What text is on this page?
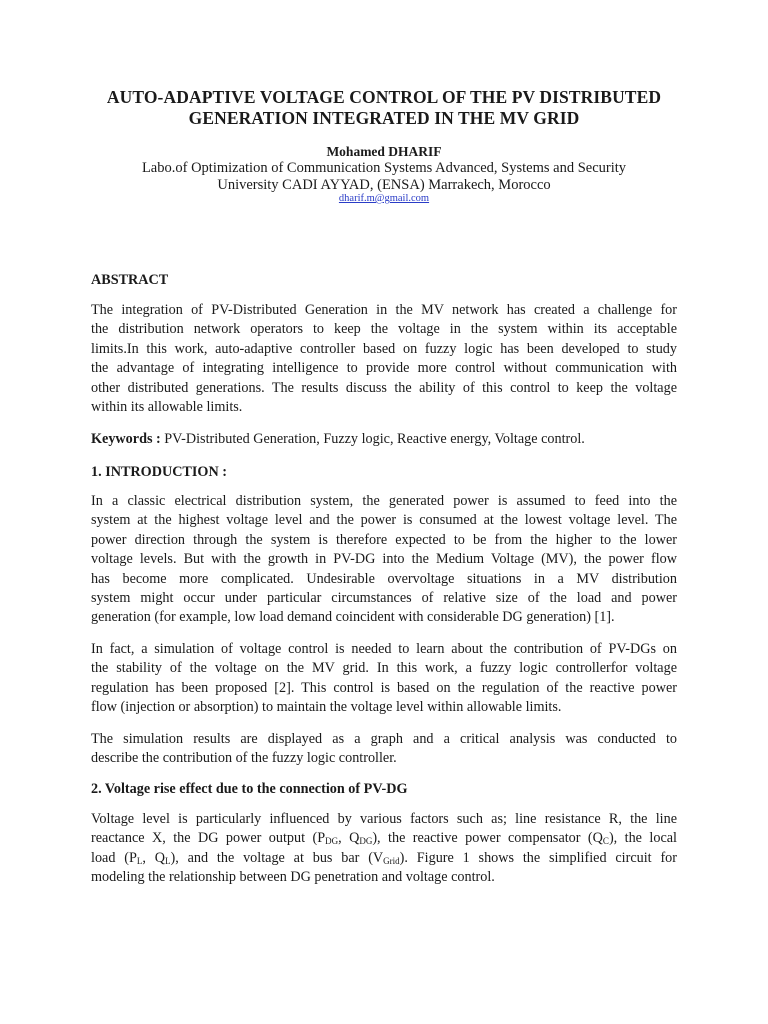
AUTO-ADAPTIVE VOLTAGE CONTROL OF THE PV DISTRIBUTED
GENERATION INTEGRATED IN THE MV GRID
Mohamed DHARIF
Labo.of Optimization of Communication Systems Advanced, Systems and Security
University CADI AYYAD, (ENSA) Marrakech, Morocco
dharif.m@gmail.com
ABSTRACT
The integration of PV-Distributed Generation in the MV network has created a challenge for
the distribution network operators to keep the voltage in the system within its acceptable
limits.In this work, auto-adaptive controller based on fuzzy logic has been developed to study
the advantage of integrating intelligence to provide more control without communication with
other distributed generations. The results discuss the ability of this control to keep the voltage
within its allowable limits.
Keywords : PV-Distributed Generation, Fuzzy logic, Reactive energy, Voltage control.
1. INTRODUCTION :
In a classic electrical distribution system, the generated power is assumed to feed into the
system at the highest voltage level and the power is consumed at the lowest voltage level. The
power direction through the system is therefore expected to be from the higher to the lower
voltage levels. But with the growth in PV-DG into the Medium Voltage (MV), the power flow
has become more complicated. Undesirable overvoltage situations in a MV distribution
system might occur under particular circumstances of relative size of the load and power
generation (for example, low load demand coincident with considerable DG generation) [1].
In fact, a simulation of voltage control is needed to learn about the contribution of PV-DGs on
the stability of the voltage on the MV grid. In this work, a fuzzy logic controllerfor voltage
regulation has been proposed [2]. This control is based on the regulation of the reactive power
flow (injection or absorption) to maintain the voltage level within allowable limits.
The simulation results are displayed as a graph and a critical analysis was conducted to
describe the contribution of the fuzzy logic controller.
2. Voltage rise effect due to the connection of PV-DG
Voltage level is particularly influenced by various factors such as; line resistance R, the line
reactance X, the DG power output ($P_{DG}$, $Q_{DG}$), the reactive power compensator $(Q_C)$, the local
load ($P_L$, $Q_L$), and the voltage at bus bar $(V_{Grid})$. Figure 1 shows the simplified circuit for
modeling the relationship between DG penetration and voltage control.
